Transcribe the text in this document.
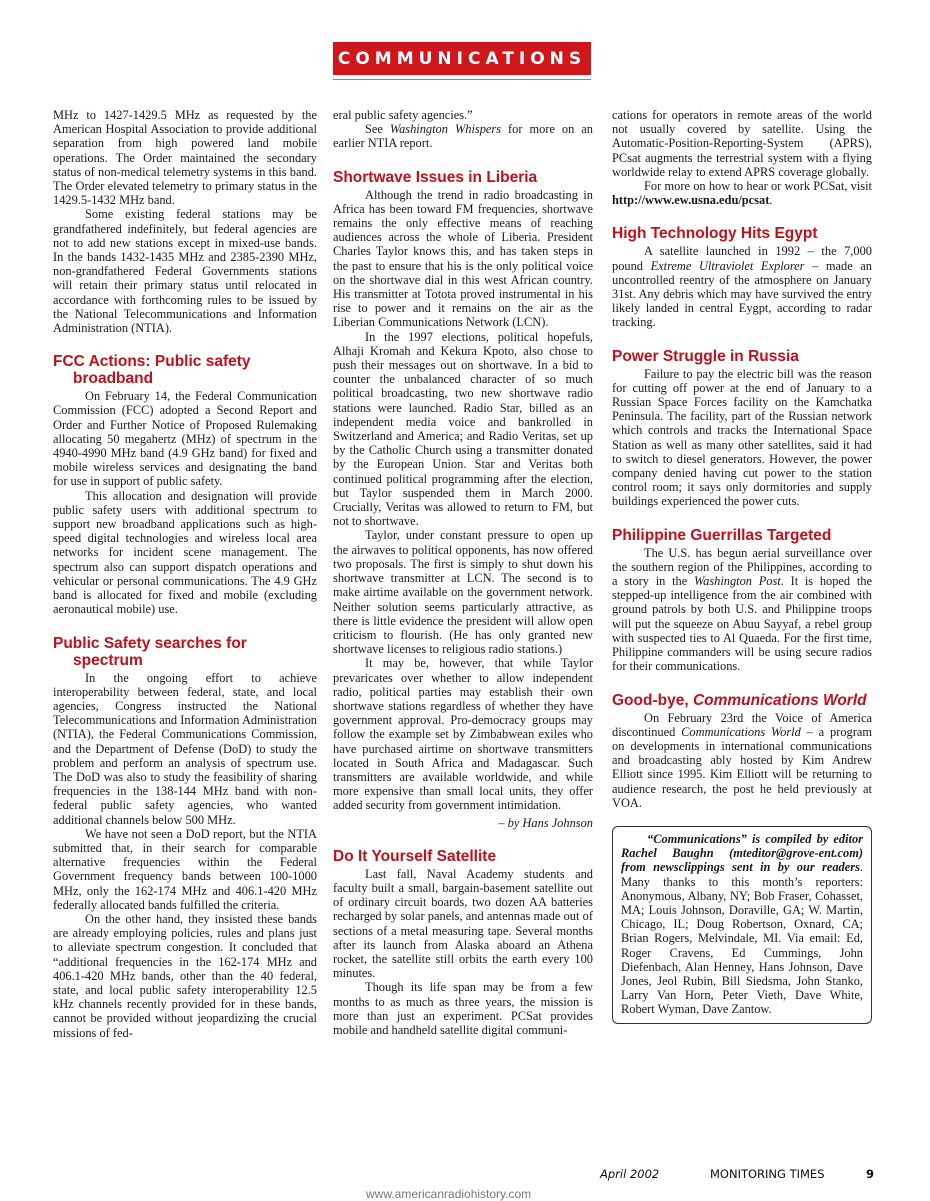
COMMUNICATIONS

MHz to 1427-1429.5 MHz as requested by the American Hospital Association to provide additional separation from high powered land mobile operations. The Order maintained the secondary status of non-medical telemetry systems in this band. The Order elevated telemetry to primary status in the 1429.5-1432 MHz band.

Some existing federal stations may be grandfathered indefinitely, but federal agencies are not to add new stations except in mixed-use bands. In the bands 1432-1435 MHz and 2385-2390 MHz, non-grandfathered Federal Governments stations will retain their primary status until relocated in accordance with forthcoming rules to be issued by the National Telecommunications and Information Administration (NTIA).

FCC Actions: Public safety broadband

On February 14, the Federal Communication Commission (FCC) adopted a Second Report and Order and Further Notice of Proposed Rulemaking allocating 50 megahertz (MHz) of spectrum in the 4940-4990 MHz band (4.9 GHz band) for fixed and mobile wireless services and designating the band for use in support of public safety.

This allocation and designation will provide public safety users with additional spectrum to support new broadband applications such as high-speed digital technologies and wireless local area networks for incident scene management. The spectrum also can support dispatch operations and vehicular or personal communications. The 4.9 GHz band is allocated for fixed and mobile (excluding aeronautical mobile) use.

Public Safety searches for spectrum

In the ongoing effort to achieve interoperability between federal, state, and local agencies, Congress instructed the National Telecommunications and Information Administration (NTIA), the Federal Communications Commission, and the Department of Defense (DoD) to study the problem and perform an analysis of spectrum use. The DoD was also to study the feasibility of sharing frequencies in the 138-144 MHz band with non-federal public safety agencies, who wanted additional channels below 500 MHz.

We have not seen a DoD report, but the NTIA submitted that, in their search for comparable alternative frequencies within the Federal Government frequency bands between 100-1000 MHz, only the 162-174 MHz and 406.1-420 MHz federally allocated bands fulfilled the criteria.

On the other hand, they insisted these bands are already employing policies, rules and plans just to alleviate spectrum congestion. It concluded that “additional frequencies in the 162-174 MHz and 406.1-420 MHz bands, other than the 40 federal, state, and local public safety interoperability 12.5 kHz channels recently provided for in these bands, cannot be provided without jeopardizing the crucial missions of fed-

eral public safety agencies.”

See Washington Whispers for more on an earlier NTIA report.

Shortwave Issues in Liberia

Although the trend in radio broadcasting in Africa has been toward FM frequencies, shortwave remains the only effective means of reaching audiences across the whole of Liberia. President Charles Taylor knows this, and has taken steps in the past to ensure that his is the only political voice on the shortwave dial in this west African country. His transmitter at Totota proved instrumental in his rise to power and it remains on the air as the Liberian Communications Network (LCN).

In the 1997 elections, political hopefuls, Alhaji Kromah and Kekura Kpoto, also chose to push their messages out on shortwave. In a bid to counter the unbalanced character of so much political broadcasting, two new shortwave radio stations were launched. Radio Star, billed as an independent media voice and bankrolled in Switzerland and America; and Radio Veritas, set up by the Catholic Church using a transmitter donated by the European Union. Star and Veritas both continued political programming after the election, but Taylor suspended them in March 2000. Crucially, Veritas was allowed to return to FM, but not to shortwave.

Taylor, under constant pressure to open up the airwaves to political opponents, has now offered two proposals. The first is simply to shut down his shortwave transmitter at LCN. The second is to make airtime available on the government network. Neither solution seems particularly attractive, as there is little evidence the president will allow open criticism to flourish. (He has only granted new shortwave licenses to religious radio stations.)

It may be, however, that while Taylor prevaricates over whether to allow independent radio, political parties may establish their own shortwave stations regardless of whether they have government approval. Pro-democracy groups may follow the example set by Zimbabwean exiles who have purchased airtime on shortwave transmitters located in South Africa and Madagascar. Such transmitters are available worldwide, and while more expensive than small local units, they offer added security from government intimidation.

– by Hans Johnson
Do It Yourself Satellite

Last fall, Naval Academy students and faculty built a small, bargain-basement satellite out of ordinary circuit boards, two dozen AA batteries recharged by solar panels, and antennas made out of sections of a metal measuring tape. Several months after its launch from Alaska aboard an Athena rocket, the satellite still orbits the earth every 100 minutes.

Though its life span may be from a few months to as much as three years, the mission is more than just an experiment. PCSat provides mobile and handheld satellite digital communi-

cations for operators in remote areas of the world not usually covered by satellite. Using the Automatic-Position-Reporting-System (APRS), PCsat augments the terrestrial system with a flying worldwide relay to extend APRS coverage globally.

For more on how to hear or work PCSat, visit http://www.ew.usna.edu/pcsat.

High Technology Hits Egypt

A satellite launched in 1992 – the 7,000 pound Extreme Ultraviolet Explorer – made an uncontrolled reentry of the atmosphere on January 31st. Any debris which may have survived the entry likely landed in central Eygpt, according to radar tracking.

Power Struggle in Russia

Failure to pay the electric bill was the reason for cutting off power at the end of January to a Russian Space Forces facility on the Kamchatka Peninsula. The facility, part of the Russian network which controls and tracks the International Space Station as well as many other satellites, said it had to switch to diesel generators. However, the power company denied having cut power to the station control room; it says only dormitories and supply buildings experienced the power cuts.

Philippine Guerrillas Targeted

The U.S. has begun aerial surveillance over the southern region of the Philippines, according to a story in the Washington Post. It is hoped the stepped-up intelligence from the air combined with ground patrols by both U.S. and Philippine troops will put the squeeze on Abuu Sayyaf, a rebel group with suspected ties to Al Quaeda. For the first time, Philippine commanders will be using secure radios for their communications.

Good-bye, Communications World

On February 23rd the Voice of America discontinued Communications World – a program on developments in international communications and broadcasting ably hosted by Kim Andrew Elliott since 1995. Kim Elliott will be returning to audience research, the post he held previously at VOA.

“Communications” is compiled by editor Rachel Baughn (mteditor@grove-ent.com) from newsclippings sent in by our readers. Many thanks to this month’s reporters: Anonymous, Albany, NY; Bob Fraser, Cohasset, MA; Louis Johnson, Doraville, GA; W. Martin, Chicago, IL; Doug Robertson, Oxnard, CA; Brian Rogers, Melvindale, MI. Via email: Ed, Roger Cravens, Ed Cummings, John Diefenbach, Alan Henney, Hans Johnson, Dave Jones, Jeol Rubin, Bill Siedsma, John Stanko, Larry Van Horn, Peter Vieth, Dave White, Robert Wyman, Dave Zantow.

April 2002	MONITORING TIMES	9
www.americanradiohistory.com
